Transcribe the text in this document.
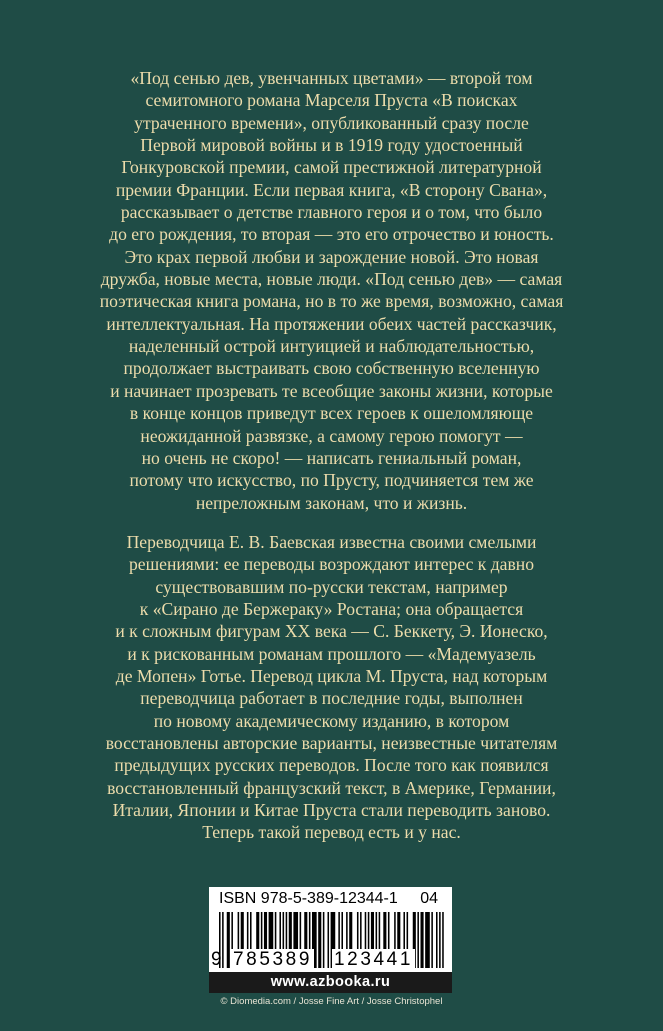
«Под сенью дев, увенчанных цветами» — второй том
семитомного романа Марселя Пруста «В поисках
утраченного времени», опубликованный сразу после
Первой мировой войны и в 1919 году удостоенный
Гонкуровской премии, самой престижной литературной
премии Франции. Если первая книга, «В сторону Свана»,
рассказывает о детстве главного героя и о том, что было
до его рождения, то вторая — это его отрочество и юность.
Это крах первой любви и зарождение новой. Это новая
дружба, новые места, новые люди. «Под сенью дев» — самая
поэтическая книга романа, но в то же время, возможно, самая
интеллектуальная. На протяжении обеих частей рассказчик,
наделенный острой интуицией и наблюдательностью,
продолжает выстраивать свою собственную вселенную
и начинает прозревать те всеобщие законы жизни, которые
в конце концов приведут всех героев к ошеломляюще
неожиданной развязке, а самому герою помогут —
но очень не скоро! — написать гениальный роман,
потому что искусство, по Прусту, подчиняется тем же
непреложным законам, что и жизнь.
Переводчица Е. В. Баевская известна своими смелыми
решениями: ее переводы возрождают интерес к давно
существовавшим по-русски текстам, например
к «Сирано де Бержераку» Ростана; она обращается
и к сложным фигурам XX века — С. Беккету, Э. Ионеско,
и к рискованным романам прошлого — «Мадемуазель
де Мопен» Готье. Перевод цикла М. Пруста, над которым
переводчица работает в последние годы, выполнен
по новому академическому изданию, в котором
восстановлены авторские варианты, неизвестные читателям
предыдущих русских переводов. После того как появился
восстановленный французский текст, в Америке, Германии,
Италии, Японии и Китае Пруста стали переводить заново.
Теперь такой перевод есть и у нас.
ISBN 978-5-389-12344-1 04
9 785389 123441
www.azbooka.ru
© Diomedia.com / Josse Fine Art / Josse Christophel
